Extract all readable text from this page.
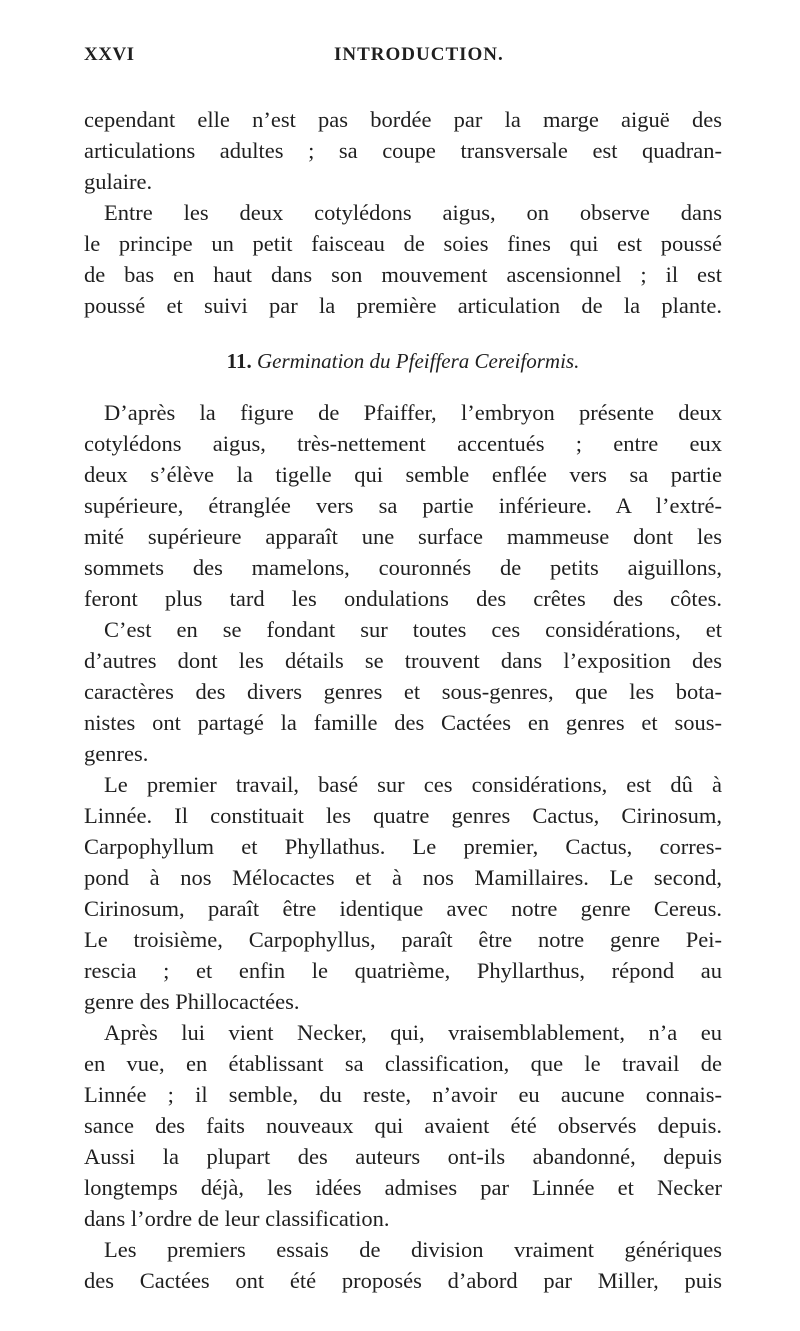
XXVI	INTRODUCTION.
cependant elle n’est pas bordée par la marge aiguë des
articulations adultes ; sa coupe transversale est quadran-
gulaire.
Entre les deux cotylédons aigus, on observe dans
le principe un petit faisceau de soies fines qui est poussé
de bas en haut dans son mouvement ascensionnel ; il est
poussé et suivi par la première articulation de la plante.
11. Germination du Pfeiffera Cereiformis.
D’après la figure de Pfaiffer, l’embryon présente deux
cotylédons aigus, très-nettement accentués ; entre eux
deux s’élève la tigelle qui semble enflée vers sa partie
supérieure, étranglée vers sa partie inférieure. A l’extré-
mité supérieure apparaît une surface mammeuse dont les
sommets des mamelons, couronnés de petits aiguillons,
feront plus tard les ondulations des crêtes des côtes.
C’est en se fondant sur toutes ces considérations, et
d’autres dont les détails se trouvent dans l’exposition des
caractères des divers genres et sous-genres, que les bota-
nistes ont partagé la famille des Cactées en genres et sous-
genres.
Le premier travail, basé sur ces considérations, est dû à
Linnée. Il constituait les quatre genres Cactus, Cirinosum,
Carpophyllum et Phyllathus. Le premier, Cactus, corres-
pond à nos Mélocactes et à nos Mamillaires. Le second,
Cirinosum, paraît être identique avec notre genre Cereus.
Le troisième, Carpophyllus, paraît être notre genre Pei-
rescia ; et enfin le quatrième, Phyllarthus, répond au
genre des Phillocactées.
Après lui vient Necker, qui, vraisemblablement, n’a eu
en vue, en établissant sa classification, que le travail de
Linnée ; il semble, du reste, n’avoir eu aucune connais-
sance des faits nouveaux qui avaient été observés depuis.
Aussi la plupart des auteurs ont-ils abandonné, depuis
longtemps déjà, les idées admises par Linnée et Necker
dans l’ordre de leur classification.
Les premiers essais de division vraiment génériques
des Cactées ont été proposés d’abord par Miller, puis
